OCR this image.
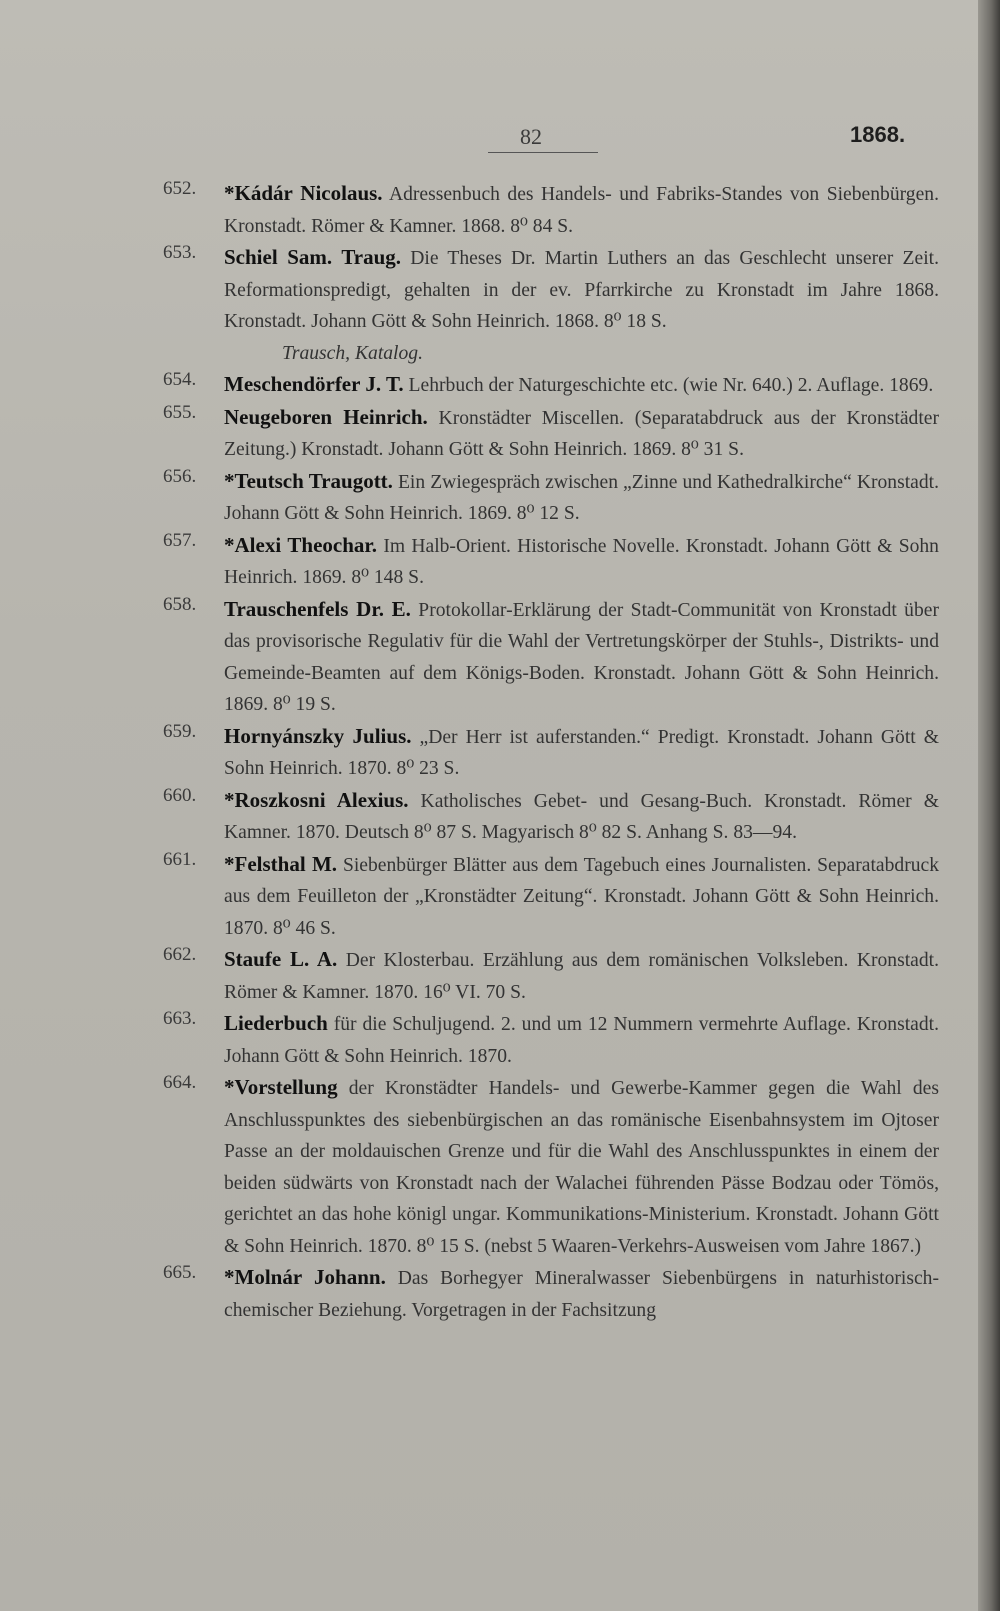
82	1868.
652. *Kádár Nicolaus. Adressenbuch des Handels- und Fabriks-Standes von Siebenbürgen. Kronstadt. Römer & Kamner. 1868. 8⁰ 84 S.
653. Schiel Sam. Traug. Die Theses Dr. Martin Luthers an das Geschlecht unserer Zeit. Reformationspredigt, gehalten in der ev. Pfarrkirche zu Kronstadt im Jahre 1868. Kronstadt. Johann Gött & Sohn Heinrich. 1868. 8⁰ 18 S.
Trausch, Katalog.
654. Meschendörfer J. T. Lehrbuch der Naturgeschichte etc. (wie Nr. 640.) 2. Auflage. 1869.
655. Neugeboren Heinrich. Kronstädter Miscellen. (Separatabdruck aus der Kronstädter Zeitung.) Kronstadt. Johann Gött & Sohn Heinrich. 1869. 8⁰ 31 S.
656. *Teutsch Traugott. Ein Zwiegespräch zwischen „Zinne und Kathedralkirche“ Kronstadt. Johann Gött & Sohn Heinrich. 1869. 8⁰ 12 S.
657. *Alexi Theochar. Im Halb-Orient. Historische Novelle. Kronstadt. Johann Gött & Sohn Heinrich. 1869. 8⁰ 148 S.
658. Trauschenfels Dr. E. Protokollar-Erklärung der Stadt-Communität von Kronstadt über das provisorische Regulativ für die Wahl der Vertretungskörper der Stuhls-, Distrikts- und Gemeinde-Beamten auf dem Königs-Boden. Kronstadt. Johann Gött & Sohn Heinrich. 1869. 8⁰ 19 S.
659. Hornyánszky Julius. „Der Herr ist auferstanden.“ Predigt. Kronstadt. Johann Gött & Sohn Heinrich. 1870. 8⁰ 23 S.
660. *Roszkosni Alexius. Katholisches Gebet- und Gesang-Buch. Kronstadt. Römer & Kamner. 1870. Deutsch 8⁰ 87 S. Magyarisch 8⁰ 82 S. Anhang S. 83—94.
661. *Felsthal M. Siebenbürger Blätter aus dem Tagebuch eines Journalisten. Separatabdruck aus dem Feuilleton der „Kronstädter Zeitung“. Kronstadt. Johann Gött & Sohn Heinrich. 1870. 8⁰ 46 S.
662. Staufe L. A. Der Klosterbau. Erzählung aus dem romänischen Volksleben. Kronstadt. Römer & Kamner. 1870. 16⁰ VI. 70 S.
663. Liederbuch für die Schuljugend. 2. und um 12 Nummern vermehrte Auflage. Kronstadt. Johann Gött & Sohn Heinrich. 1870.
664. *Vorstellung der Kronstädter Handels- und Gewerbe-Kammer gegen die Wahl des Anschlusspunktes des siebenbürgischen an das romänische Eisenbahnsystem im Ojtoser Passe an der moldauischen Grenze und für die Wahl des Anschlusspunktes in einem der beiden südwärts von Kronstadt nach der Walachei führenden Pässe Bodzau oder Tömös, gerichtet an das hohe königl ungar. Kommunikations-Ministerium. Kronstadt. Johann Gött & Sohn Heinrich. 1870. 8⁰ 15 S. (nebst 5 Waaren-Verkehrs-Ausweisen vom Jahre 1867.)
665. *Molnár Johann. Das Borhegyer Mineralwasser Siebenbürgens in naturhistorisch-chemischer Beziehung. Vorgetragen in der Fachsitzung
